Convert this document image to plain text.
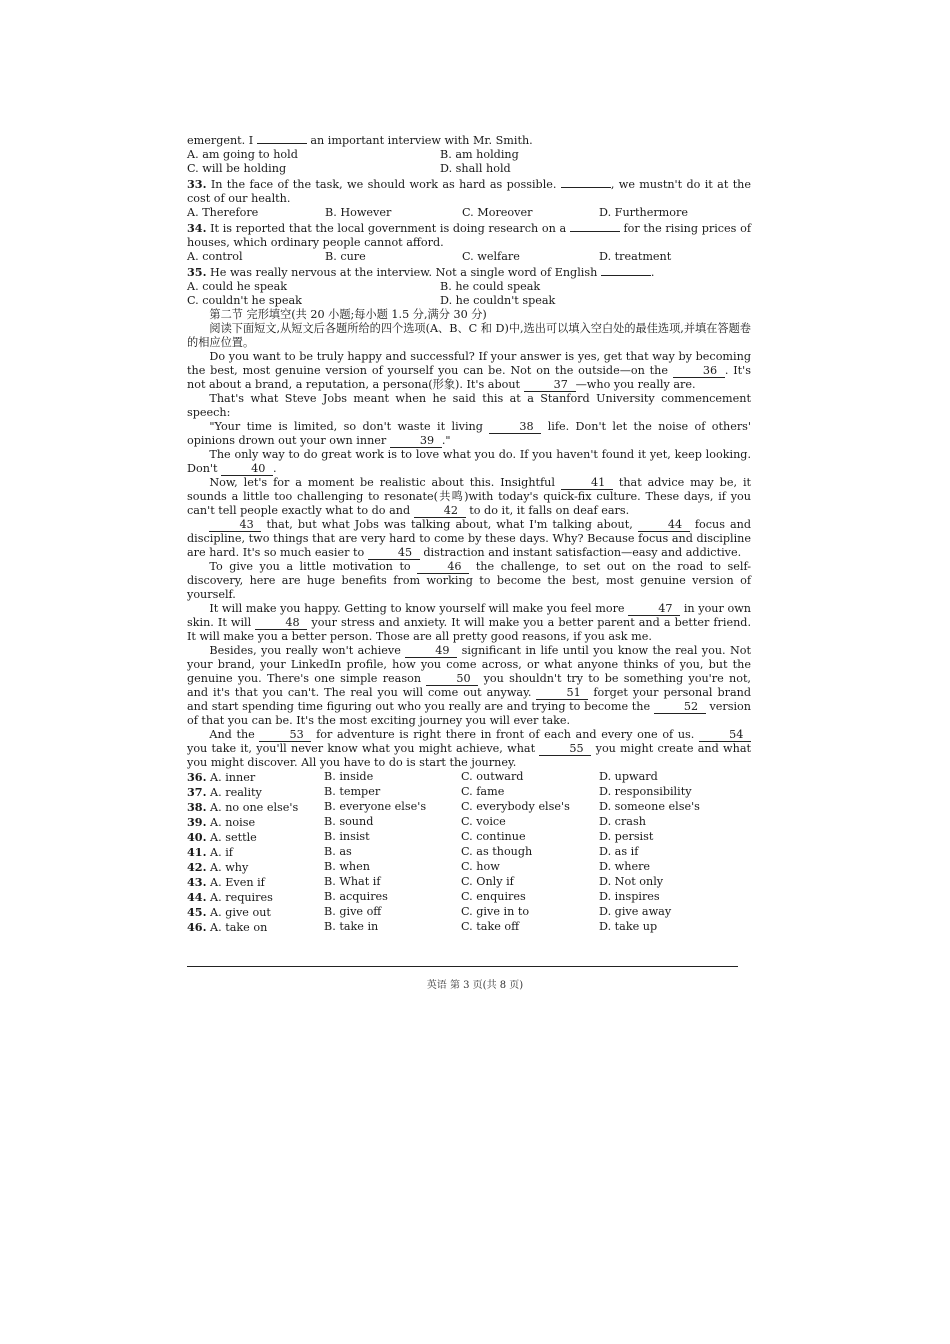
emergent. I	an important interview with Mr. Smith.
A. am going to hold	B. am holding
C. will be holding	D. shall hold

33. In the face of the task, we should work as hard as possible.	, we mustn't do it at the cost of our health.

A. Therefore	B. However	C. Moreover	D. Furthermore

34. It is reported that the local government is doing research on a	for the rising prices of houses, which ordinary people cannot afford.

A. control	B. cure	C. welfare	D. treatment
35. He was really nervous at the interview. Not a single word of English	.
A. could he speak	B. he could speak
C. couldn't he speak	D. he couldn't speak

第二节 完形填空(共 20 小题;每小题 1.5 分,满分 30 分)

阅读下面短文,从短文后各题所给的四个选项(A、B、C 和 D)中,选出可以填入空白处的最佳选项,并填在答题卷的相应位置。

Do you want to be truly happy and successful? If your answer is yes, get that way by becoming the best, most genuine version of yourself you can be. Not on the outside—on the	36 . It's not about a brand, a reputation, a persona(形象). It's about	37 —who you really are.

That's what Steve Jobs meant when he said this at a Stanford University commencement speech:

"Your time is limited, so don't waste it living	38 life. Don't let the noise of others' opinions drown out your own inner	39 ."

The only way to do great work is to love what you do. If you haven't found it yet, keep looking. Don't	40 .

Now, let's for a moment be realistic about this. Insightful	41 that advice may be, it sounds a little too challenging to resonate(共鸣)with today's quick-fix culture. These days, if you can't tell people exactly what to do and	42 to do it, it falls on deaf ears.

43 that, but what Jobs was talking about, what I'm talking about,	44 focus and discipline, two things that are very hard to come by these days. Why? Because focus and discipline are hard. It's so much easier to	45 distraction and instant satisfaction—easy and addictive.

To give you a little motivation to	46 the challenge, to set out on the road to self-discovery, here are huge benefits from working to become the best, most genuine version of yourself.

It will make you happy. Getting to know yourself will make you feel more	47 in your own skin. It will	48 your stress and anxiety. It will make you a better parent and a better friend. It will make you a better person. Those are all pretty good reasons, if you ask me.

Besides, you really won't achieve	49 significant in life until you know the real you. Not your brand, your LinkedIn profile, how you come across, or what anyone thinks of you, but the genuine you. There's one simple reason	50 you shouldn't try to be something you're not, and it's that you can't. The real you will come out anyway.	51 forget your personal brand and start spending time figuring out who you really are and trying to become the	52 version of that you can be. It's the most exciting journey you will ever take.

And the	53 for adventure is right there in front of each and every one of us.	54 you take it, you'll never know what you might achieve, what	55 you might create and what you might discover. All you have to do is start the journey.

36. A. inner	B. inside	C. outward	D. upward
37. A. reality	B. temper	C. fame	D. responsibility
38. A. no one else's	B. everyone else's	C. everybody else's	D. someone else's
39. A. noise	B. sound	C. voice	D. crash
40. A. settle	B. insist	C. continue	D. persist
41. A. if	B. as	C. as though	D. as if
42. A. why	B. when	C. how	D. where
43. A. Even if	B. What if	C. Only if	D. Not only
44. A. requires	B. acquires	C. enquires	D. inspires
45. A. give out	B. give off	C. give in to	D. give away
46. A. take on	B. take in	C. take off	D. take up
英语 第 3 页(共 8 页)
